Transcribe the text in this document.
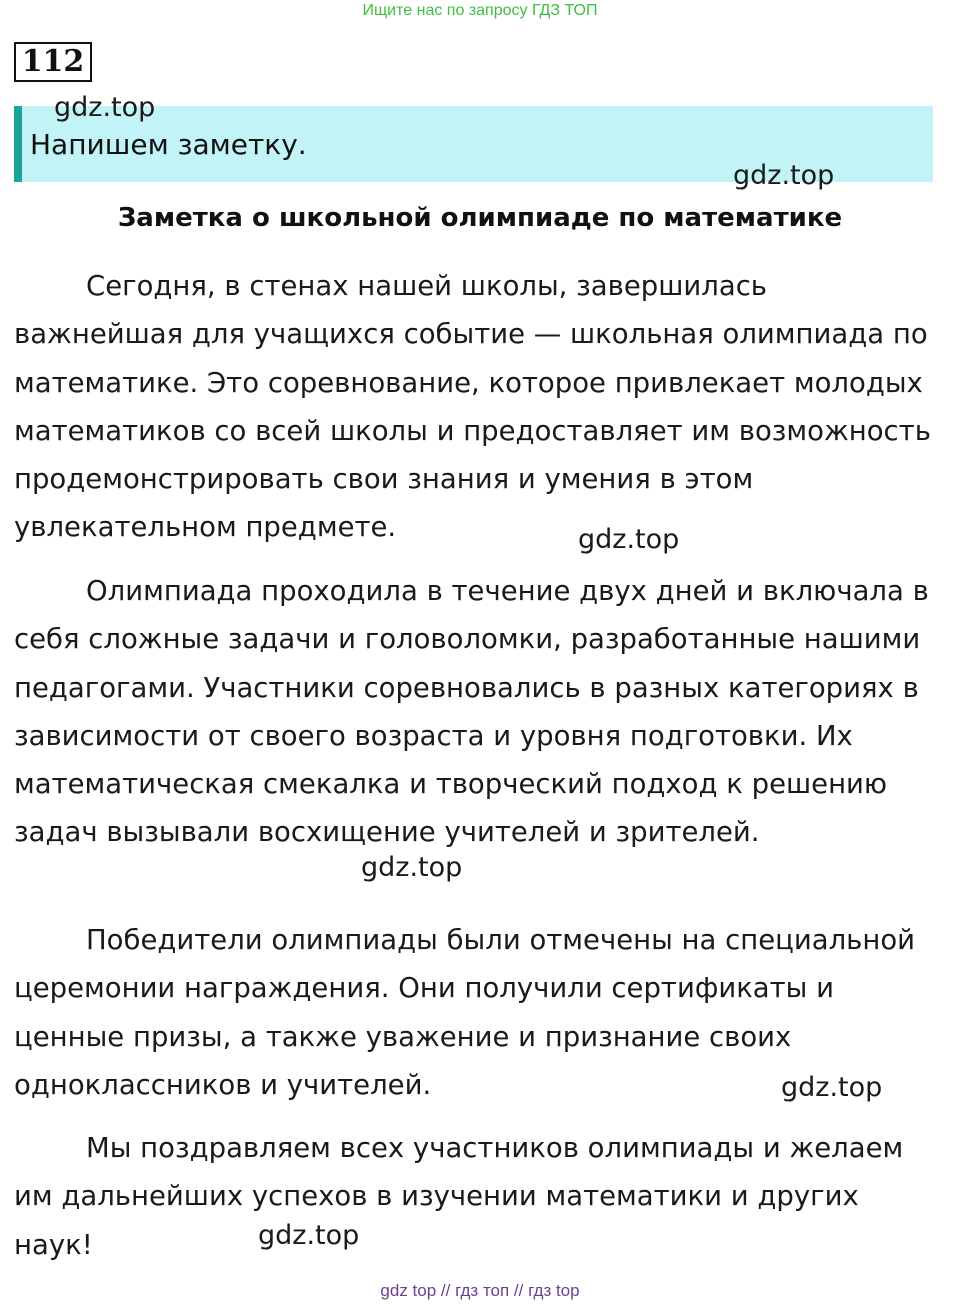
Ищите нас по запросу ГДЗ ТОП
112
Напишем заметку.
gdz.top
gdz.top
Заметка о школьной олимпиаде по математике

Сегодня, в стенах нашей школы, завершилась важнейшая для учащихся событие — школьная олимпиада по математике. Это соревнование, которое привлекает молодых математиков со всей школы и предоставляет им возможность продемонстрировать свои знания и умения в этом увлекательном предмете.	gdz.top

Олимпиада проходила в течение двух дней и включала в себя сложные задачи и головоломки, разработанные нашими педагогами. Участники соревновались в разных категориях в зависимости от своего возраста и уровня подготовки. Их математическая смекалка и творческий подход к решению задач вызывали восхищение учителей и зрителей.

gdz.top

Победители олимпиады были отмечены на специальной церемонии награждения. Они получили сертификаты и ценные призы, а также уважение и признание своих одноклассников и учителей.	gdz.top

Мы поздравляем всех участников олимпиады и желаем им дальнейших успехов в изучении математики и других наук!	gdz.top
gdz top // гдз топ // гдз top
